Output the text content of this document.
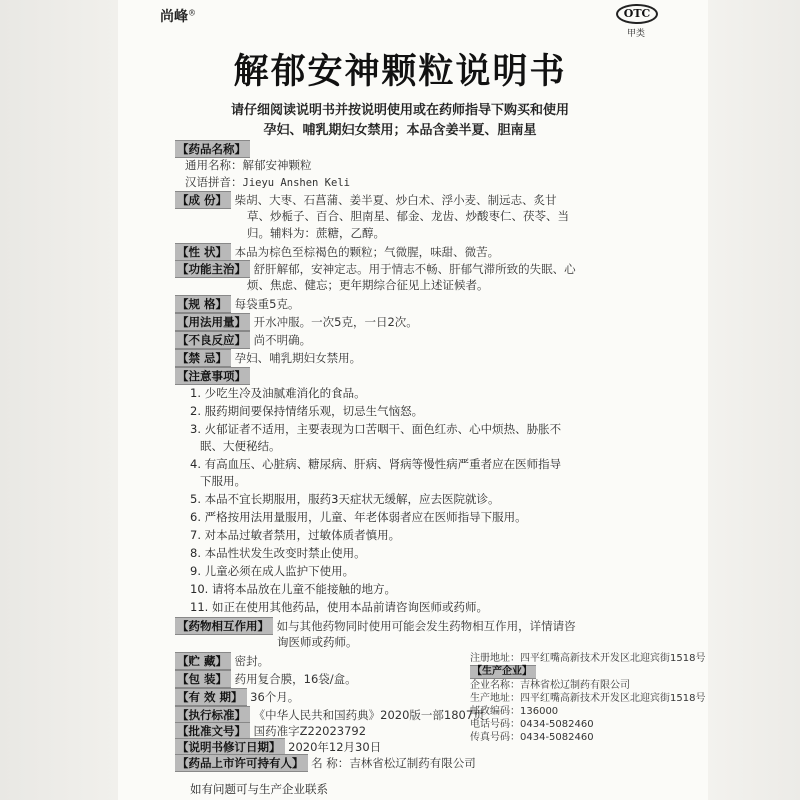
尚峰®	OTC
甲类
解郁安神颗粒说明书
请仔细阅读说明书并按说明使用或在药师指导下购买和使用
孕妇、哺乳期妇女禁用；本品含姜半夏、胆南星
【药品名称】
通用名称：解郁安神颗粒
汉语拼音：Jieyu Anshen Keli
【成 份】 柴胡、大枣、石菖蒲、姜半夏、炒白术、浮小麦、制远志、炙甘
草、炒栀子、百合、胆南星、郁金、龙齿、炒酸枣仁、茯苓、当
归。辅料为：蔗糖，乙醇。
【性 状】 本品为棕色至棕褐色的颗粒；气微腥，味甜、微苦。
【功能主治】 舒肝解郁，安神定志。用于情志不畅、肝郁气滞所致的失眠、心
烦、焦虑、健忘；更年期综合征见上述证候者。
【规 格】 每袋重5克。
【用法用量】 开水冲服。一次5克，一日2次。
【不良反应】 尚不明确。
【禁 忌】 孕妇、哺乳期妇女禁用。
【注意事项】
1. 少吃生冷及油腻难消化的食品。
2. 服药期间要保持情绪乐观，切忌生气恼怒。
3. 火郁证者不适用，主要表现为口苦咽干、面色红赤、心中烦热、胁胀不
眠、大便秘结。
4. 有高血压、心脏病、糖尿病、肝病、肾病等慢性病严重者应在医师指导
下服用。
5. 本品不宜长期服用，服药3天症状无缓解，应去医院就诊。
6. 严格按用法用量服用，儿童、年老体弱者应在医师指导下服用。
7. 对本品过敏者禁用，过敏体质者慎用。
8. 本品性状发生改变时禁止使用。
9. 儿童必须在成人监护下使用。
10. 请将本品放在儿童不能接触的地方。
11. 如正在使用其他药品，使用本品前请咨询医师或药师。
【药物相互作用】 如与其他药物同时使用可能会发生药物相互作用，详情请咨
询医师或药师。
【贮 藏】 密封。
【包 装】 药用复合膜，16袋/盒。
【有 效 期】 36个月。
【执行标准】 《中华人民共和国药典》2020版一部1807页
【批准文号】 国药准字Z22023792
【说明书修订日期】 2020年12月30日
【药品上市许可持有人】 名 称：吉林省松辽制药有限公司
如有问题可与生产企业联系
注册地址：四平红嘴高新技术开发区北迎宾街1518号
【生产企业】
企业名称：吉林省松辽制药有限公司
生产地址：四平红嘴高新技术开发区北迎宾街1518号
邮政编码：136000
电话号码：0434-5082460
传真号码：0434-5082460
